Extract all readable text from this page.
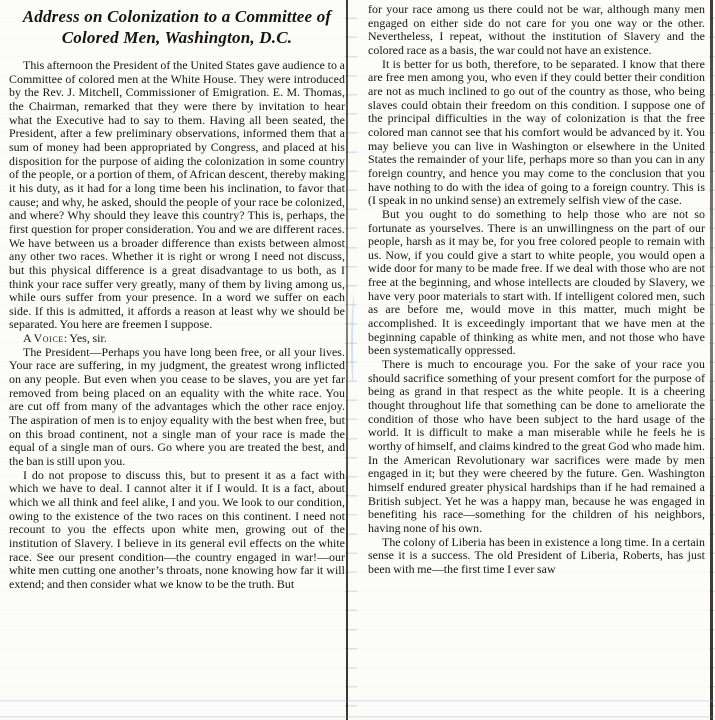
Address on Colonization to a Committee of
Colored Men, Washington, D.C.

This afternoon the President of the United States gave audience to a Committee of colored men at the White House. They were introduced by the Rev. J. Mitchell, Commissioner of Emigration. E. M. Thomas, the Chairman, remarked that they were there by invitation to hear what the Executive had to say to them. Having all been seated, the President, after a few preliminary observations, informed them that a sum of money had been appropriated by Congress, and placed at his disposition for the purpose of aiding the colonization in some country of the people, or a portion of them, of African descent, thereby making it his duty, as it had for a long time been his inclination, to favor that cause; and why, he asked, should the people of your race be colonized, and where? Why should they leave this country? This is, perhaps, the first question for proper consideration. You and we are different races. We have between us a broader difference than exists between almost any other two races. Whether it is right or wrong I need not discuss, but this physical difference is a great disadvantage to us both, as I think your race suffer very greatly, many of them by living among us, while ours suffer from your presence. In a word we suffer on each side. If this is admitted, it affords a reason at least why we should be separated. You here are freemen I suppose.

A Voice: Yes, sir.

The President—Perhaps you have long been free, or all your lives. Your race are suffering, in my judgment, the greatest wrong inflicted on any people. But even when you cease to be slaves, you are yet far removed from being placed on an equality with the white race. You are cut off from many of the advantages which the other race enjoy. The aspiration of men is to enjoy equality with the best when free, but on this broad continent, not a single man of your race is made the equal of a single man of ours. Go where you are treated the best, and the ban is still upon you.

I do not propose to discuss this, but to present it as a fact with which we have to deal. I cannot alter it if I would. It is a fact, about which we all think and feel alike, I and you. We look to our condition, owing to the existence of the two races on this continent. I need not recount to you the effects upon white men, growing out of the institution of Slavery. I believe in its general evil effects on the white race. See our present condition—the country engaged in war!—our white men cutting one another’s throats, none knowing how far it will extend; and then consider what we know to be the truth. But

for your race among us there could not be war, although many men engaged on either side do not care for you one way or the other. Nevertheless, I repeat, without the institution of Slavery and the colored race as a basis, the war could not have an existence.

It is better for us both, therefore, to be separated. I know that there are free men among you, who even if they could better their condition are not as much inclined to go out of the country as those, who being slaves could obtain their freedom on this condition. I suppose one of the principal difficulties in the way of colonization is that the free colored man cannot see that his comfort would be advanced by it. You may believe you can live in Washington or elsewhere in the United States the remainder of your life, perhaps more so than you can in any foreign country, and hence you may come to the conclusion that you have nothing to do with the idea of going to a foreign country. This is (I speak in no unkind sense) an extremely selfish view of the case.

But you ought to do something to help those who are not so fortunate as yourselves. There is an unwillingness on the part of our people, harsh as it may be, for you free colored people to remain with us. Now, if you could give a start to white people, you would open a wide door for many to be made free. If we deal with those who are not free at the beginning, and whose intellects are clouded by Slavery, we have very poor materials to start with. If intelligent colored men, such as are before me, would move in this matter, much might be accomplished. It is exceedingly important that we have men at the beginning capable of thinking as white men, and not those who have been systematically oppressed.

There is much to encourage you. For the sake of your race you should sacrifice something of your present comfort for the purpose of being as grand in that respect as the white people. It is a cheering thought throughout life that something can be done to ameliorate the condition of those who have been subject to the hard usage of the world. It is difficult to make a man miserable while he feels he is worthy of himself, and claims kindred to the great God who made him. In the American Revolutionary war sacrifices were made by men engaged in it; but they were cheered by the future. Gen. Washington himself endured greater physical hardships than if he had remained a British subject. Yet he was a happy man, because he was engaged in benefiting his race—something for the children of his neighbors, having none of his own.

The colony of Liberia has been in existence a long time. In a certain sense it is a success. The old President of Liberia, Roberts, has just been with me—the first time I ever saw
